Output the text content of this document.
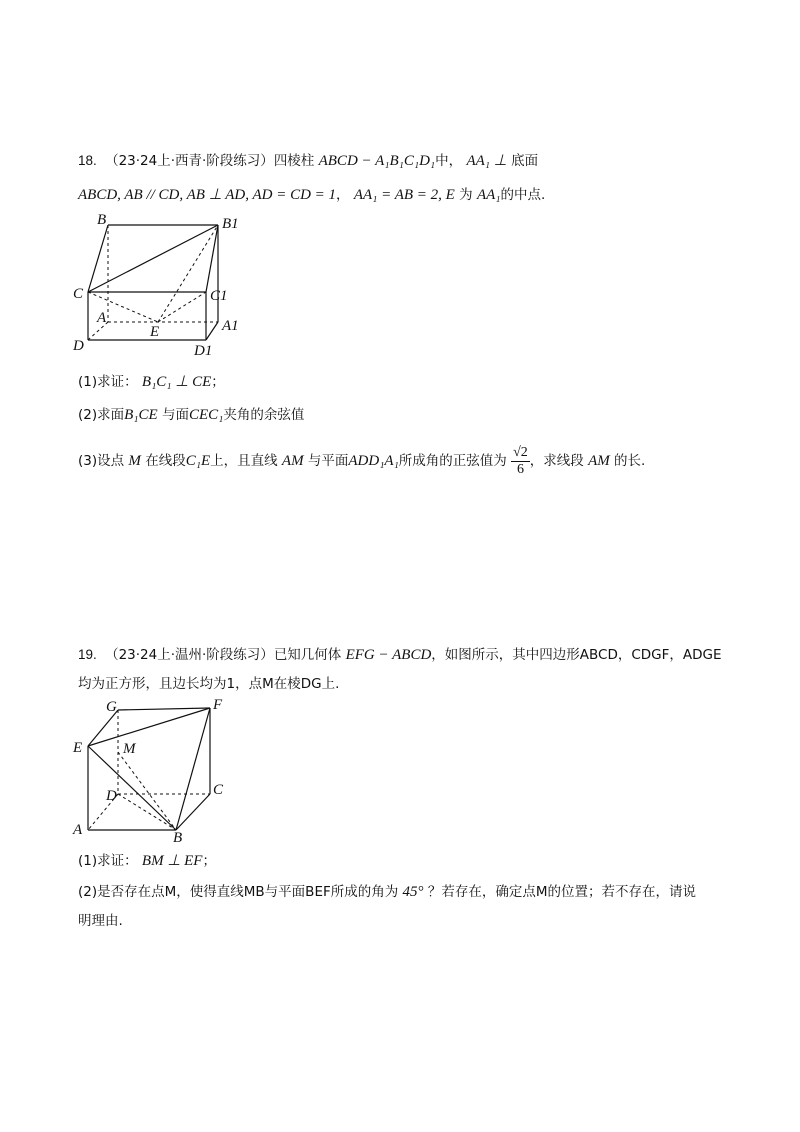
18. （23·24上·西青·阶段练习）四棱柱 ABCD − A₁B₁C₁D₁中， AA₁ ⊥ 底面
ABCD, AB // CD, AB ⊥ AD, AD = CD = 1， AA₁ = AB = 2, E 为 AA₁的中点.
B	B1
C	C1
A	A1
E
D	D1
(1)求证： B₁C₁ ⊥ CE；
(2)求面B₁CE 与面CEC₁夹角的余弦值
(3)设点 M 在线段C₁E上，且直线 AM 与平面ADD₁A₁所成角的正弦值为 $\frac{√2}{6}$ ，求线段 AM 的长.
19. （23·24上·温州·阶段练习）已知几何体 EFG − ABCD，如图所示，其中四边形ABCD，CDGF，ADGE
均为正方形，且边长均为1，点M在棱DG上.
G	F
E	M
C
D
A	B
(1)求证： BM ⊥ EF；
(2)是否存在点M，使得直线MB与平面BEF所成的角为 45° ？若存在，确定点M的位置；若不存在，请说
明理由.
